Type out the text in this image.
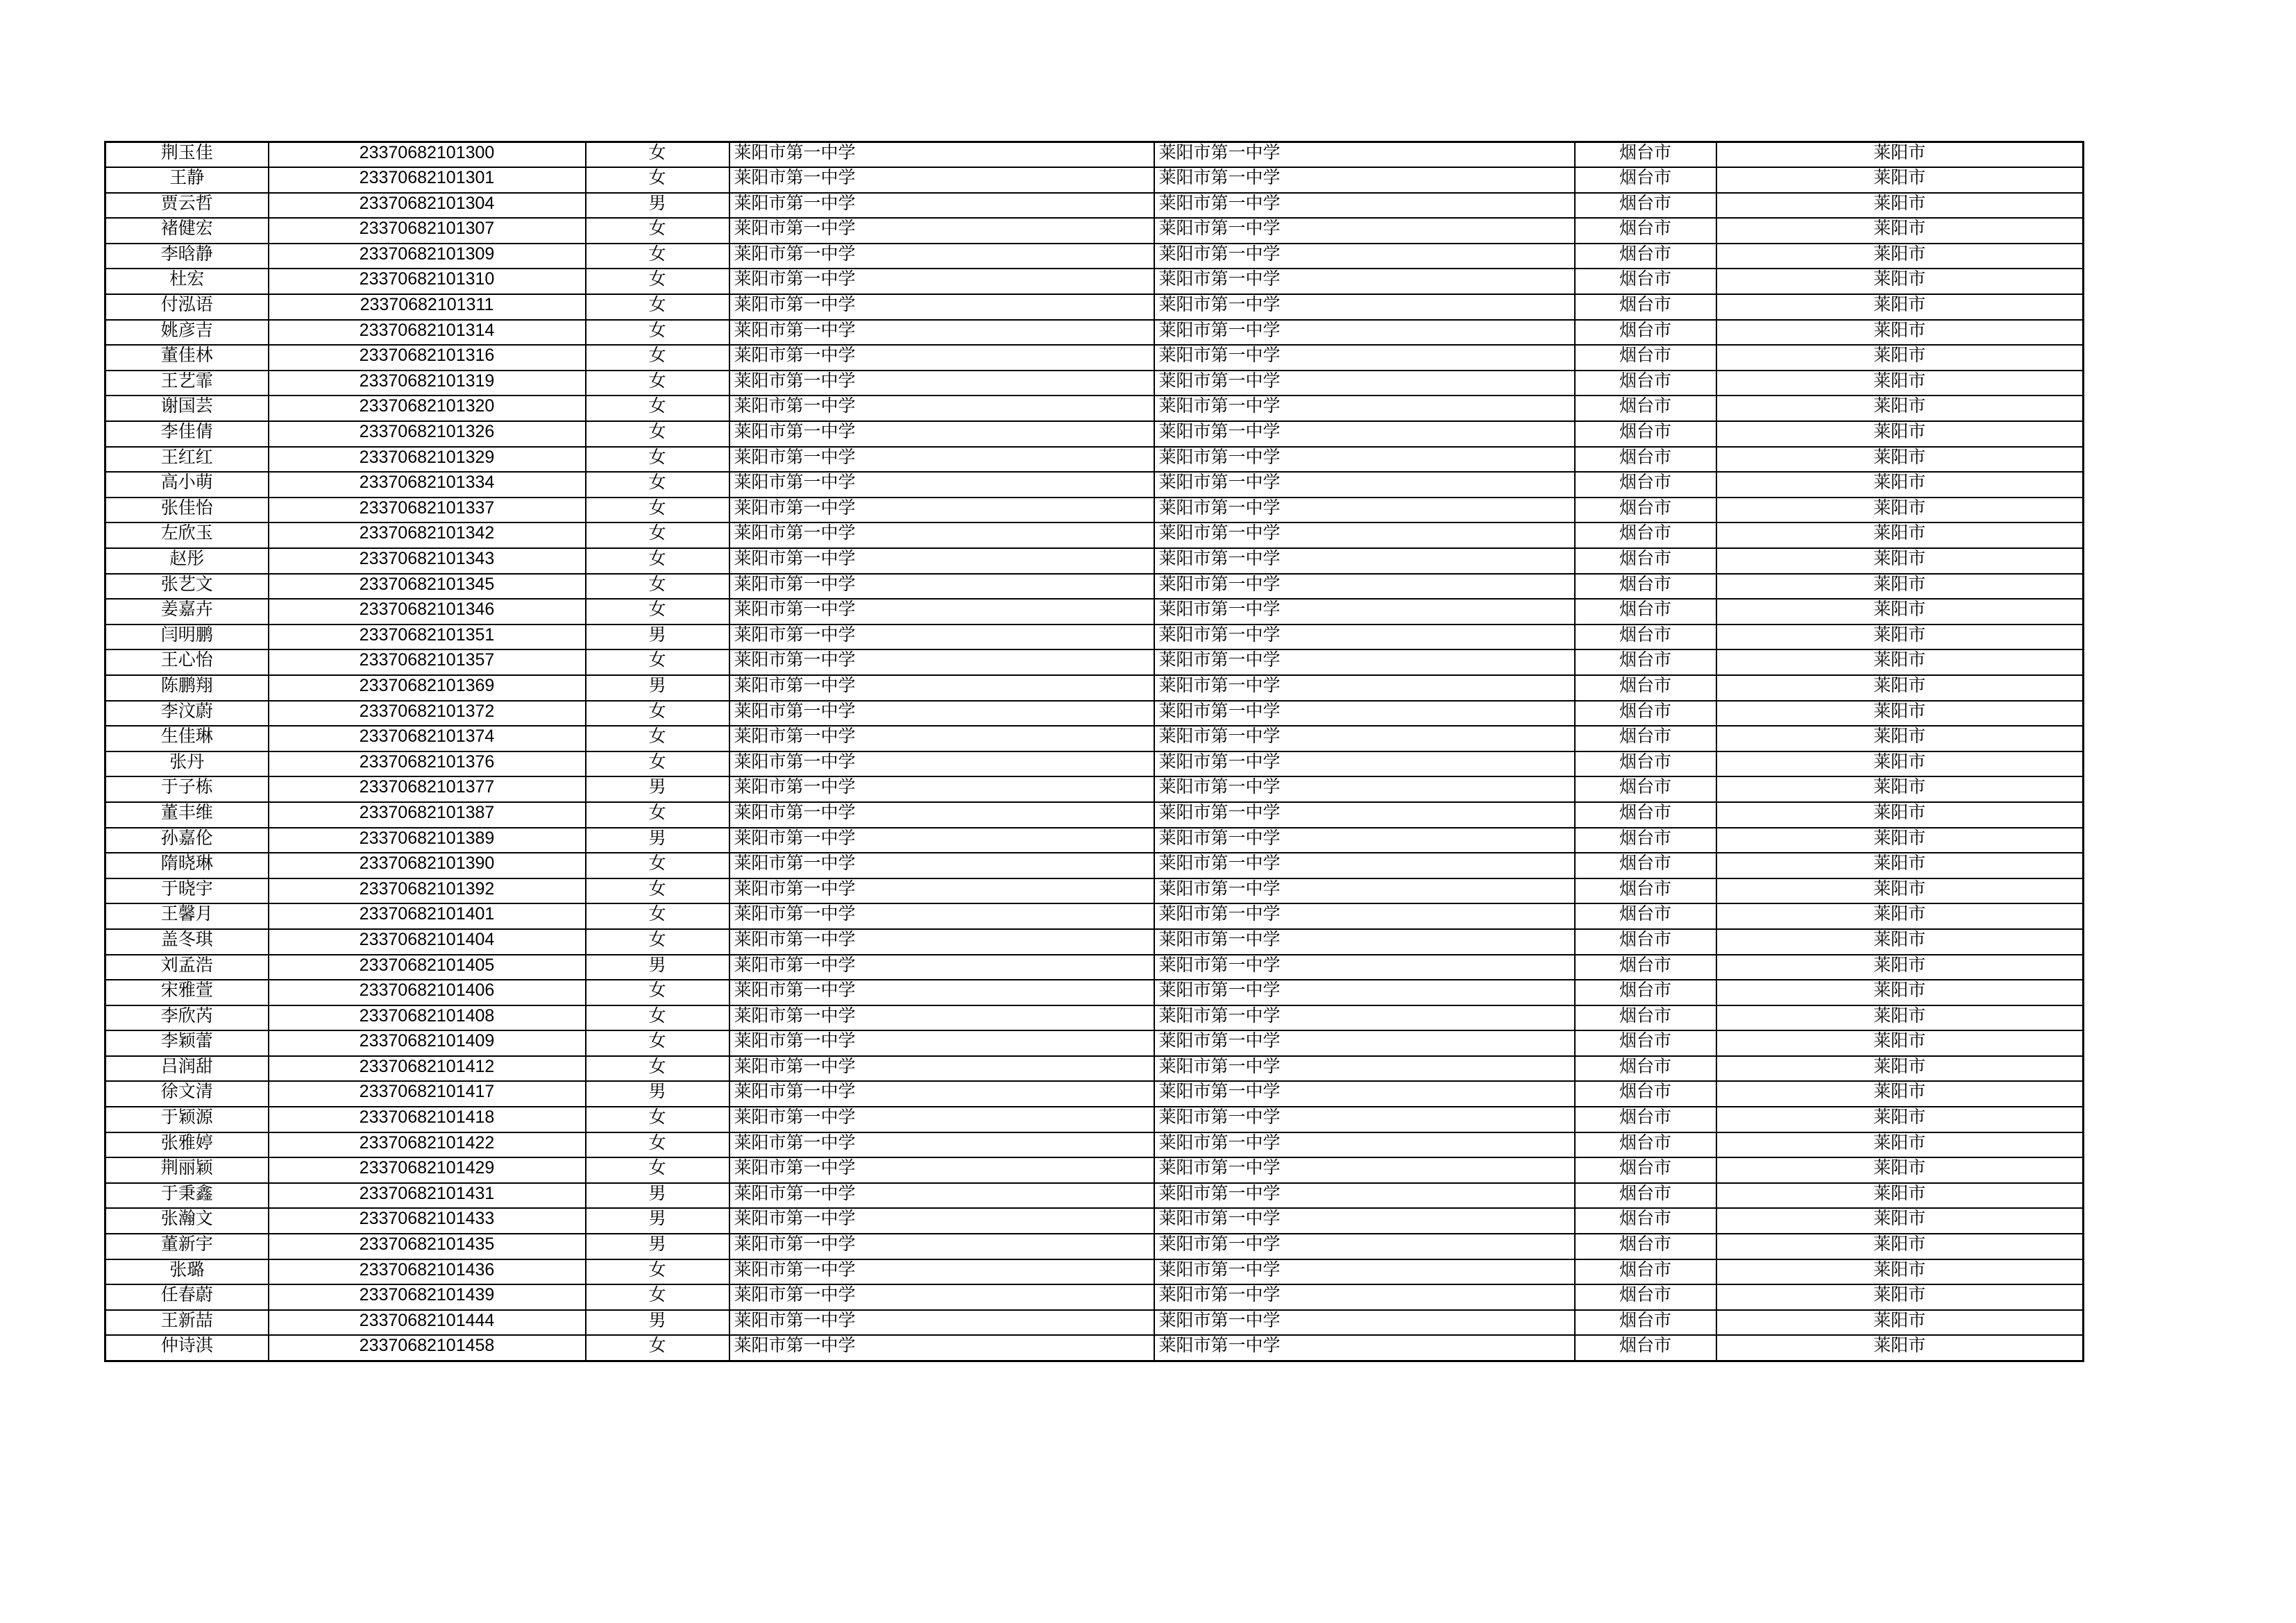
荆玉佳	23370682101300	女	莱阳市第一中学	莱阳市第一中学	烟台市	莱阳市
王静	23370682101301	女	莱阳市第一中学	莱阳市第一中学	烟台市	莱阳市
贾云哲	23370682101304	男	莱阳市第一中学	莱阳市第一中学	烟台市	莱阳市
褚健宏	23370682101307	女	莱阳市第一中学	莱阳市第一中学	烟台市	莱阳市
李晗静	23370682101309	女	莱阳市第一中学	莱阳市第一中学	烟台市	莱阳市
杜宏	23370682101310	女	莱阳市第一中学	莱阳市第一中学	烟台市	莱阳市
付泓语	23370682101311	女	莱阳市第一中学	莱阳市第一中学	烟台市	莱阳市
姚彦吉	23370682101314	女	莱阳市第一中学	莱阳市第一中学	烟台市	莱阳市
董佳林	23370682101316	女	莱阳市第一中学	莱阳市第一中学	烟台市	莱阳市
王艺霏	23370682101319	女	莱阳市第一中学	莱阳市第一中学	烟台市	莱阳市
谢国芸	23370682101320	女	莱阳市第一中学	莱阳市第一中学	烟台市	莱阳市
李佳倩	23370682101326	女	莱阳市第一中学	莱阳市第一中学	烟台市	莱阳市
王红红	23370682101329	女	莱阳市第一中学	莱阳市第一中学	烟台市	莱阳市
高小萌	23370682101334	女	莱阳市第一中学	莱阳市第一中学	烟台市	莱阳市
张佳怡	23370682101337	女	莱阳市第一中学	莱阳市第一中学	烟台市	莱阳市
左欣玉	23370682101342	女	莱阳市第一中学	莱阳市第一中学	烟台市	莱阳市
赵彤	23370682101343	女	莱阳市第一中学	莱阳市第一中学	烟台市	莱阳市
张艺文	23370682101345	女	莱阳市第一中学	莱阳市第一中学	烟台市	莱阳市
姜嘉卉	23370682101346	女	莱阳市第一中学	莱阳市第一中学	烟台市	莱阳市
闫明鹏	23370682101351	男	莱阳市第一中学	莱阳市第一中学	烟台市	莱阳市
王心怡	23370682101357	女	莱阳市第一中学	莱阳市第一中学	烟台市	莱阳市
陈鹏翔	23370682101369	男	莱阳市第一中学	莱阳市第一中学	烟台市	莱阳市
李汶蔚	23370682101372	女	莱阳市第一中学	莱阳市第一中学	烟台市	莱阳市
生佳琳	23370682101374	女	莱阳市第一中学	莱阳市第一中学	烟台市	莱阳市
张丹	23370682101376	女	莱阳市第一中学	莱阳市第一中学	烟台市	莱阳市
于子栋	23370682101377	男	莱阳市第一中学	莱阳市第一中学	烟台市	莱阳市
董丰维	23370682101387	女	莱阳市第一中学	莱阳市第一中学	烟台市	莱阳市
孙嘉伦	23370682101389	男	莱阳市第一中学	莱阳市第一中学	烟台市	莱阳市
隋晓琳	23370682101390	女	莱阳市第一中学	莱阳市第一中学	烟台市	莱阳市
于晓宇	23370682101392	女	莱阳市第一中学	莱阳市第一中学	烟台市	莱阳市
王馨月	23370682101401	女	莱阳市第一中学	莱阳市第一中学	烟台市	莱阳市
盖冬琪	23370682101404	女	莱阳市第一中学	莱阳市第一中学	烟台市	莱阳市
刘孟浩	23370682101405	男	莱阳市第一中学	莱阳市第一中学	烟台市	莱阳市
宋雅萱	23370682101406	女	莱阳市第一中学	莱阳市第一中学	烟台市	莱阳市
李欣芮	23370682101408	女	莱阳市第一中学	莱阳市第一中学	烟台市	莱阳市
李颖蕾	23370682101409	女	莱阳市第一中学	莱阳市第一中学	烟台市	莱阳市
吕润甜	23370682101412	女	莱阳市第一中学	莱阳市第一中学	烟台市	莱阳市
徐文清	23370682101417	男	莱阳市第一中学	莱阳市第一中学	烟台市	莱阳市
于颖源	23370682101418	女	莱阳市第一中学	莱阳市第一中学	烟台市	莱阳市
张雅婷	23370682101422	女	莱阳市第一中学	莱阳市第一中学	烟台市	莱阳市
荆丽颖	23370682101429	女	莱阳市第一中学	莱阳市第一中学	烟台市	莱阳市
于秉鑫	23370682101431	男	莱阳市第一中学	莱阳市第一中学	烟台市	莱阳市
张瀚文	23370682101433	男	莱阳市第一中学	莱阳市第一中学	烟台市	莱阳市
董新宇	23370682101435	男	莱阳市第一中学	莱阳市第一中学	烟台市	莱阳市
张璐	23370682101436	女	莱阳市第一中学	莱阳市第一中学	烟台市	莱阳市
任春蔚	23370682101439	女	莱阳市第一中学	莱阳市第一中学	烟台市	莱阳市
王新喆	23370682101444	男	莱阳市第一中学	莱阳市第一中学	烟台市	莱阳市
仲诗淇	23370682101458	女	莱阳市第一中学	莱阳市第一中学	烟台市	莱阳市
